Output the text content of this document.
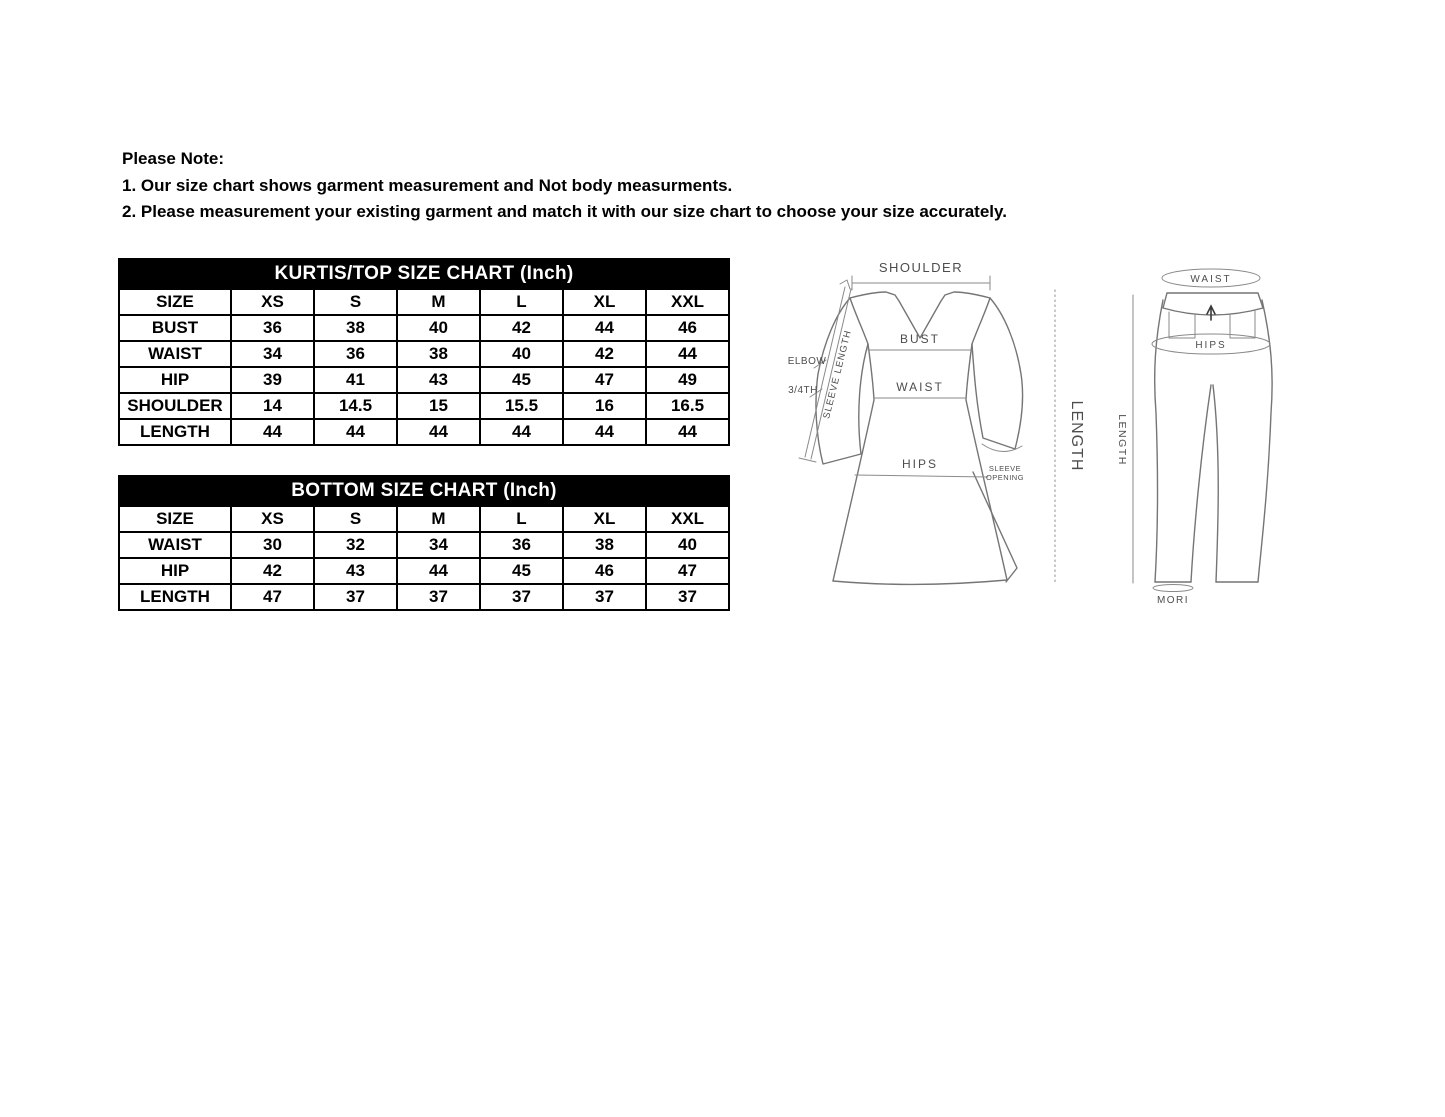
Please Note:
1. Our size chart shows garment measurement and Not body measurments.
2. Please measurement your existing garment and match it with our size chart to choose your size accurately.
KURTIS/TOP SIZE CHART (Inch)						
SIZE	XS	S	M	L	XL	XXL
BUST	36	38	40	42	44	46
WAIST	34	36	38	40	42	44
HIP	39	41	43	45	47	49
SHOULDER	14	14.5	15	15.5	16	16.5
LENGTH	44	44	44	44	44	44
BOTTOM SIZE CHART (Inch)						
SIZE	XS	S	M	L	XL	XXL
WAIST	30	32	34	36	38	40
HIP	42	43	44	45	46	47
LENGTH	47	37	37	37	37	37
SHOULDER
BUST
WAIST
HIPS
ELBOW
3/4TH SLEEVE LENGTH
SLEEVE
OPENING
LENGTH
WAIST
HIPS
LENGTH
MORI
